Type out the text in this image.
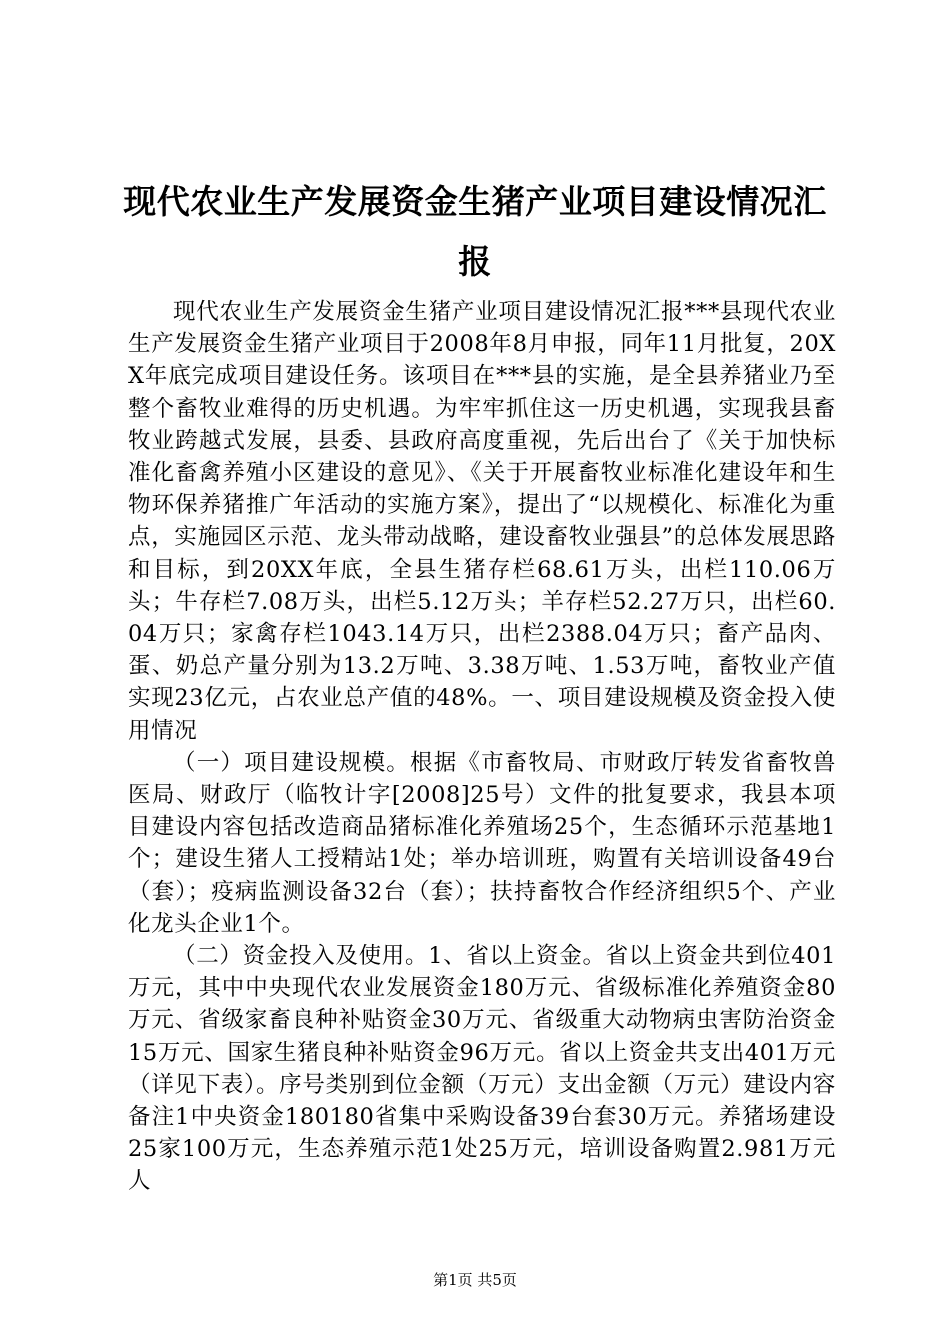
现代农业生产发展资金生猪产业项目建设情况汇报

现代农业生产发展资金生猪产业项目建设情况汇报***县现代农业生产发展资金生猪产业项目于2008年8月申报，同年11月批复，20XX年底完成项目建设任务。该项目在***县的实施，是全县养猪业乃至整个畜牧业难得的历史机遇。为牢牢抓住这一历史机遇，实现我县畜牧业跨越式发展，县委、县政府高度重视，先后出台了《关于加快标准化畜禽养殖小区建设的意见》、《关于开展畜牧业标准化建设年和生物环保养猪推广年活动的实施方案》，提出了“以规模化、标准化为重点，实施园区示范、龙头带动战略，建设畜牧业强县”的总体发展思路和目标，到20XX年底，全县生猪存栏68.61万头，出栏110.06万头；牛存栏7.08万头，出栏5.12万头；羊存栏52.27万只，出栏60.04万只；家禽存栏1043.14万只，出栏2388.04万只；畜产品肉、蛋、奶总产量分别为13.2万吨、3.38万吨、1.53万吨，畜牧业产值实现23亿元，占农业总产值的48%。一、项目建设规模及资金投入使用情况

（一）项目建设规模。根据《市畜牧局、市财政厅转发省畜牧兽医局、财政厅（临牧计字[2008]25号）文件的批复要求，我县本项目建设内容包括改造商品猪标准化养殖场25个，生态循环示范基地1个；建设生猪人工授精站1处；举办培训班，购置有关培训设备49台（套）；疫病监测设备32台（套）；扶持畜牧合作经济组织5个、产业化龙头企业1个。

（二）资金投入及使用。1、省以上资金。省以上资金共到位401万元，其中中央现代农业发展资金180万元、省级标准化养殖资金80万元、省级家畜良种补贴资金30万元、省级重大动物病虫害防治资金15万元、国家生猪良种补贴资金96万元。省以上资金共支出401万元（详见下表）。序号类别到位金额（万元）支出金额（万元）建设内容备注1中央资金180180省集中采购设备39台套30万元。养猪场建设25家100万元，生态养殖示范1处25万元，培训设备购置2.981万元人

第1页 共5页
